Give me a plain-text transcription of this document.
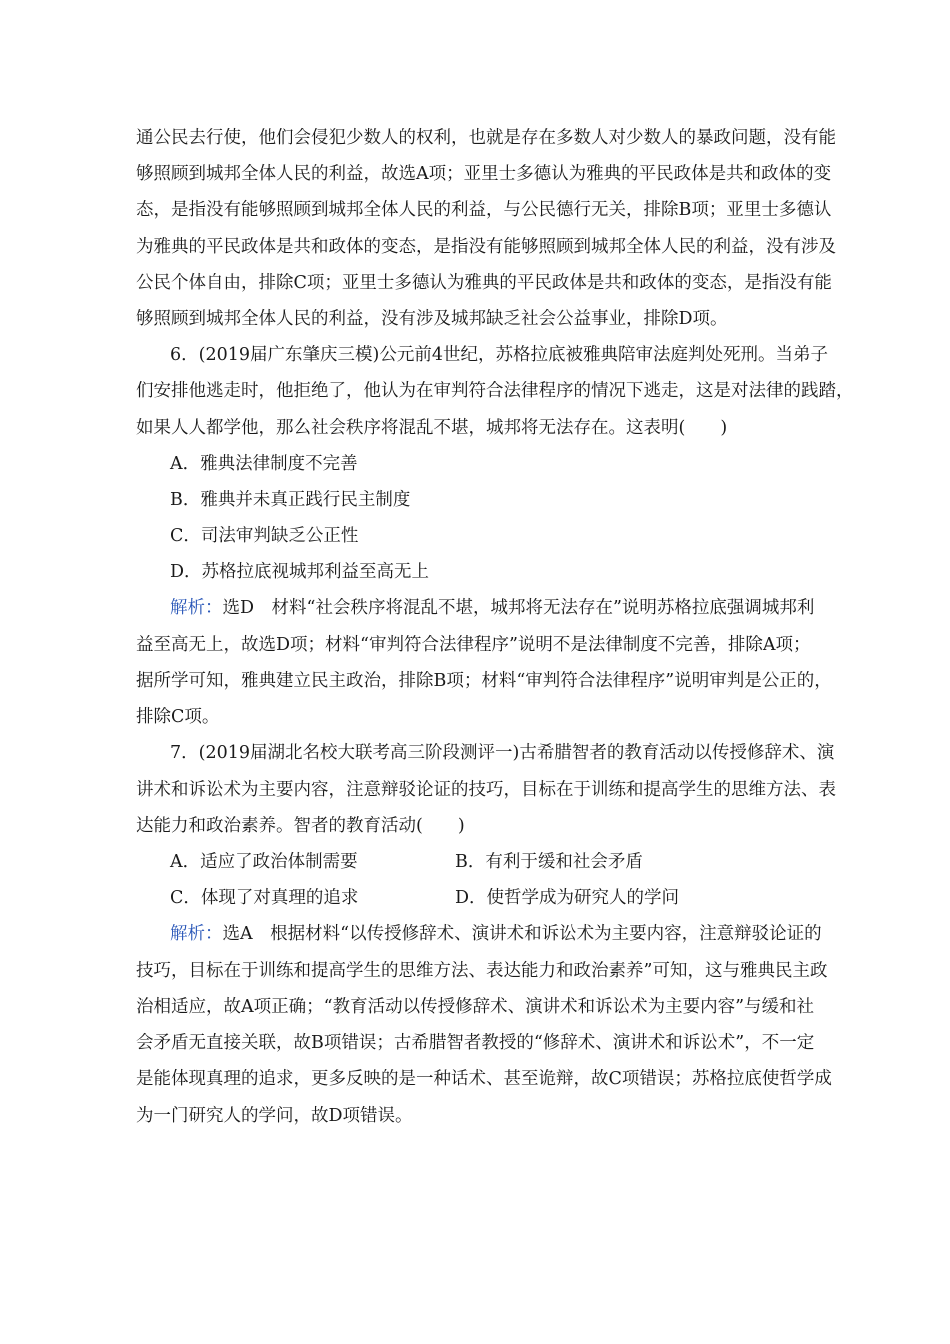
通公民去行使，他们会侵犯少数人的权利，也就是存在多数人对少数人的暴政问题，没有能
够照顾到城邦全体人民的利益，故选A项；亚里士多德认为雅典的平民政体是共和政体的变
态，是指没有能够照顾到城邦全体人民的利益，与公民德行无关，排除B项；亚里士多德认
为雅典的平民政体是共和政体的变态，是指没有能够照顾到城邦全体人民的利益，没有涉及
公民个体自由，排除C项；亚里士多德认为雅典的平民政体是共和政体的变态，是指没有能
够照顾到城邦全体人民的利益，没有涉及城邦缺乏社会公益事业，排除D项。
6．(2019届广东肇庆三模)公元前4世纪，苏格拉底被雅典陪审法庭判处死刑。当弟子
们安排他逃走时，他拒绝了，他认为在审判符合法律程序的情况下逃走，这是对法律的践踏，
如果人人都学他，那么社会秩序将混乱不堪，城邦将无法存在。这表明(　　)
A．雅典法律制度不完善
B．雅典并未真正践行民主制度
C．司法审判缺乏公正性
D．苏格拉底视城邦利益至高无上
解析：选D　材料“社会秩序将混乱不堪，城邦将无法存在”说明苏格拉底强调城邦利
益至高无上，故选D项；材料“审判符合法律程序”说明不是法律制度不完善，排除A项；
据所学可知，雅典建立民主政治，排除B项；材料“审判符合法律程序”说明审判是公正的，
排除C项。
7．(2019届湖北名校大联考高三阶段测评一)古希腊智者的教育活动以传授修辞术、演
讲术和诉讼术为主要内容，注意辩驳论证的技巧，目标在于训练和提高学生的思维方法、表
达能力和政治素养。智者的教育活动(　　)
A．适应了政治体制需要	B．有利于缓和社会矛盾
C．体现了对真理的追求	D．使哲学成为研究人的学问
解析：选A　根据材料“以传授修辞术、演讲术和诉讼术为主要内容，注意辩驳论证的
技巧，目标在于训练和提高学生的思维方法、表达能力和政治素养”可知，这与雅典民主政
治相适应，故A项正确；“教育活动以传授修辞术、演讲术和诉讼术为主要内容”与缓和社
会矛盾无直接关联，故B项错误；古希腊智者教授的“修辞术、演讲术和诉讼术”，不一定
是能体现真理的追求，更多反映的是一种话术、甚至诡辩，故C项错误；苏格拉底使哲学成
为一门研究人的学问，故D项错误。
